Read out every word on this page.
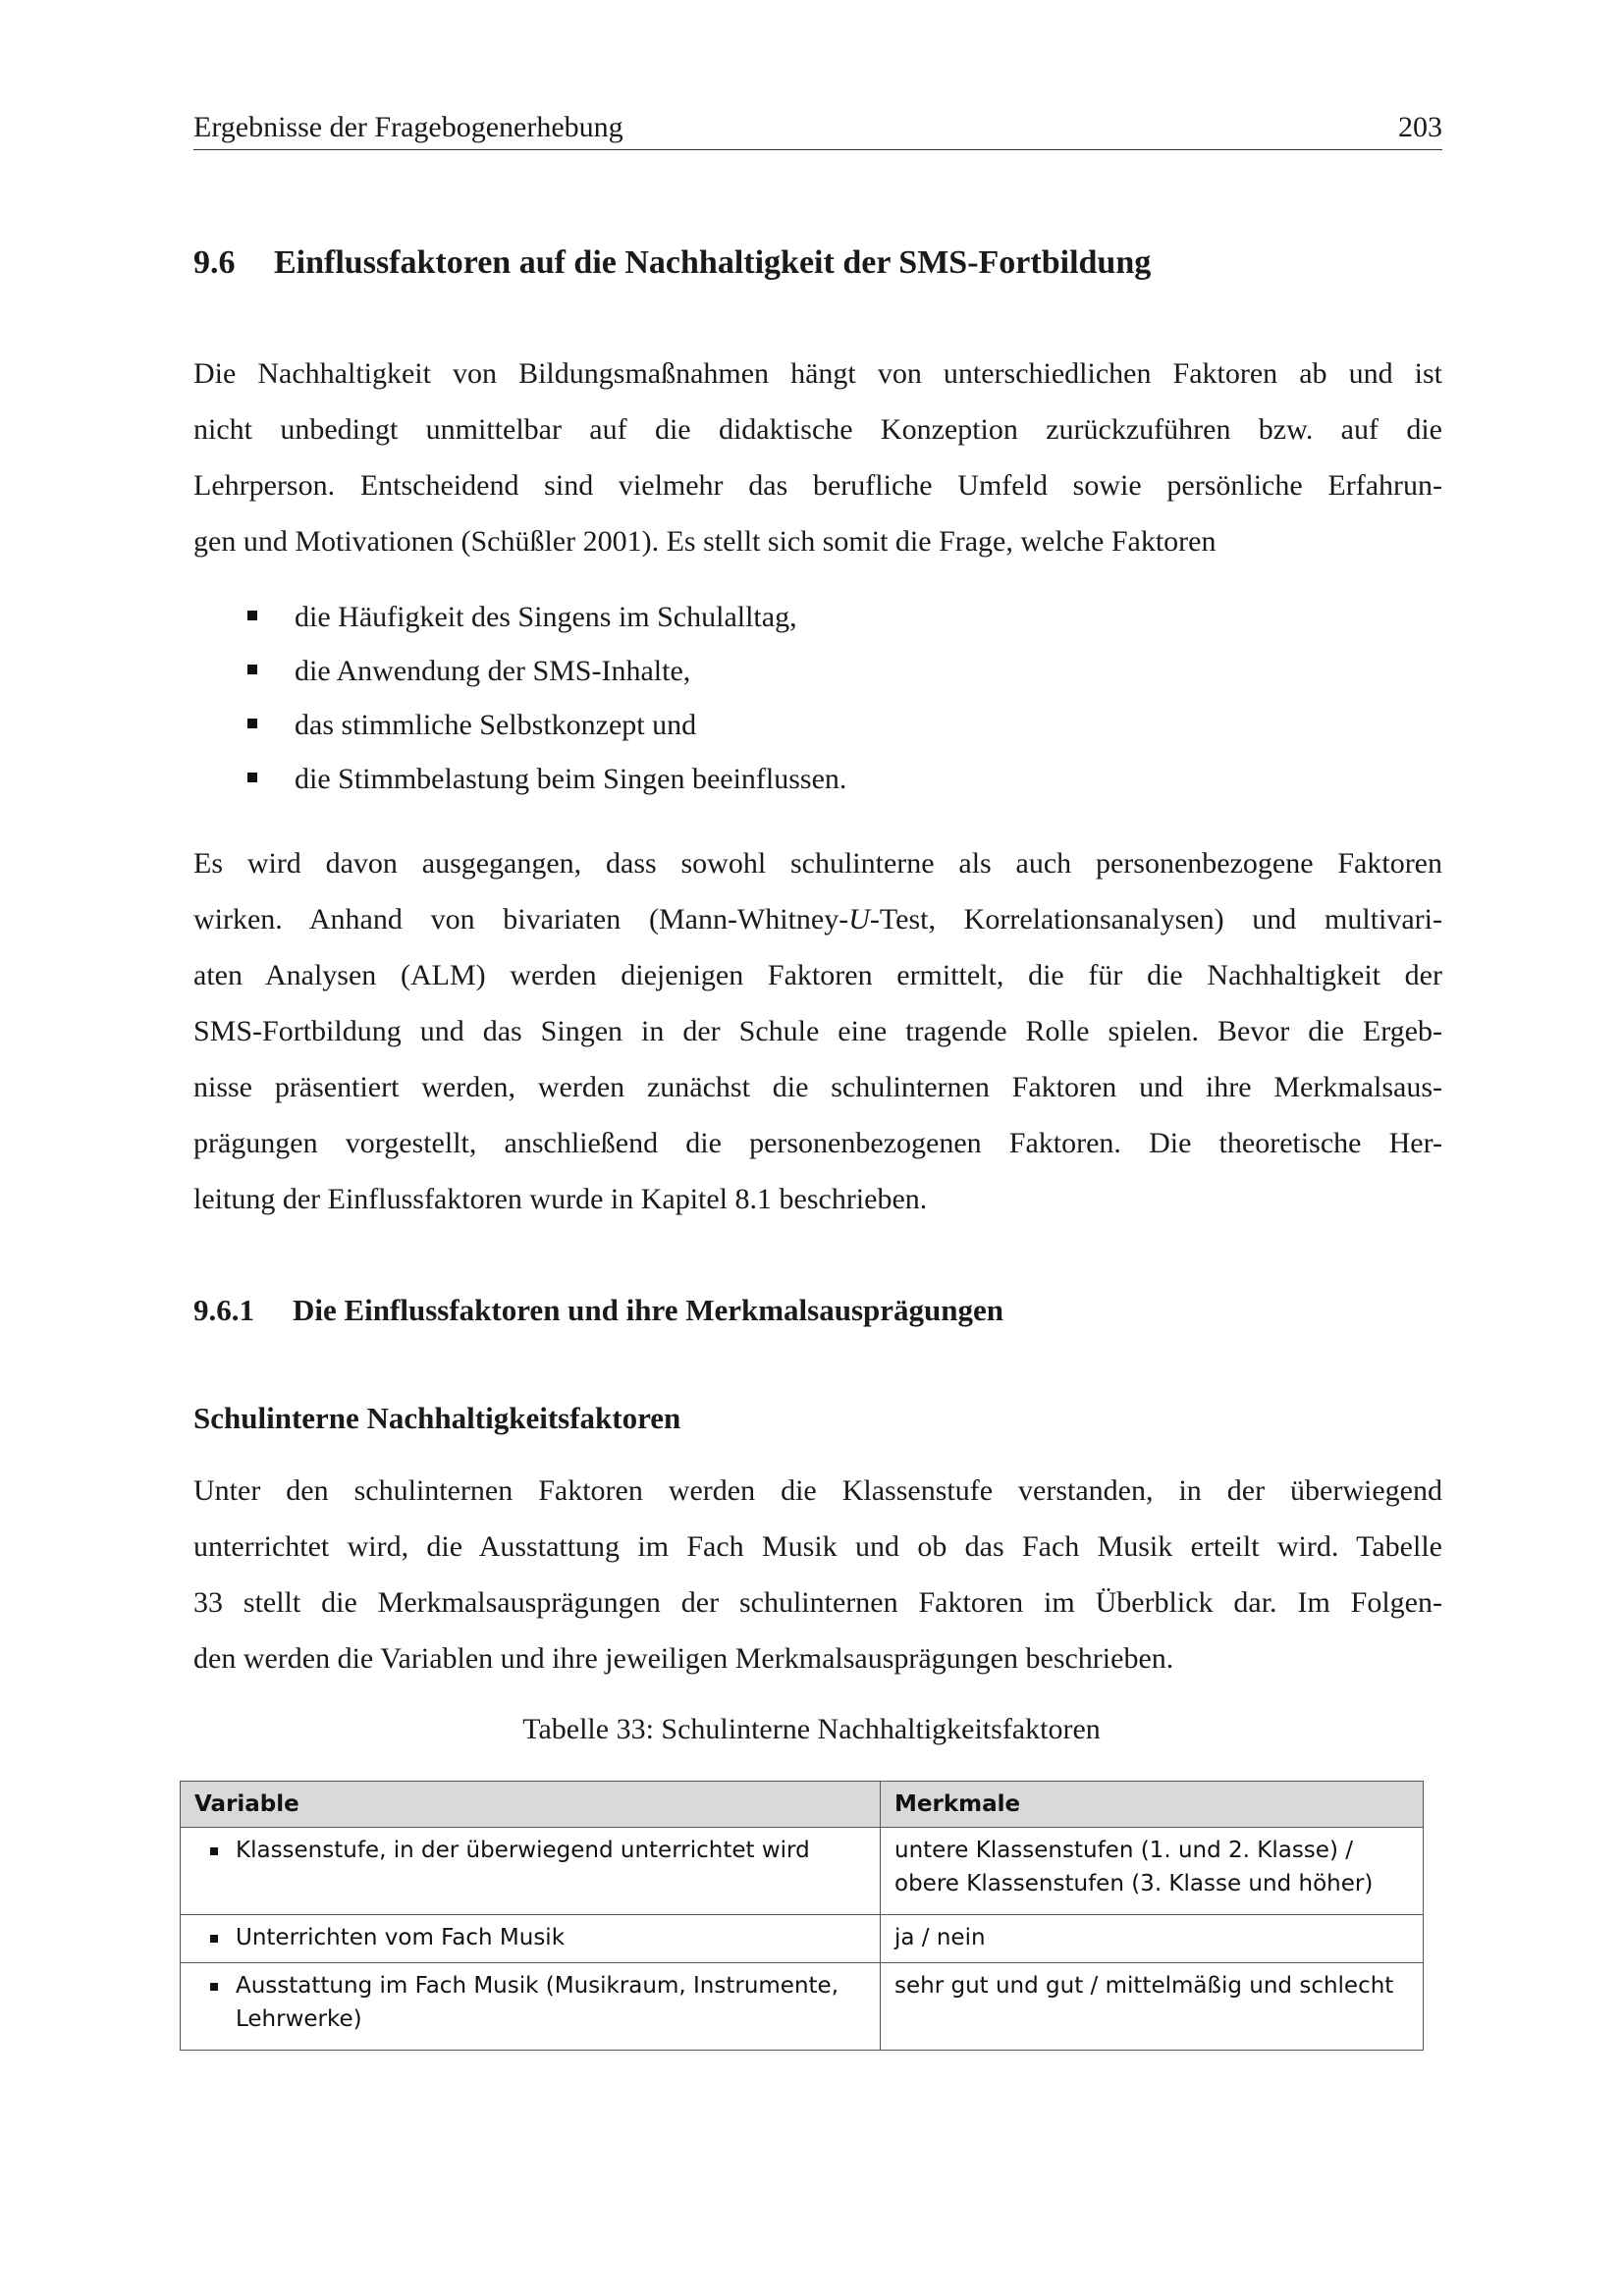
Ergebnisse der Fragebogenerhebung	203
9.6 Einflussfaktoren auf die Nachhaltigkeit der SMS-Fortbildung
Die Nachhaltigkeit von Bildungsmaßnahmen hängt von unterschiedlichen Faktoren ab und ist
nicht unbedingt unmittelbar auf die didaktische Konzeption zurückzuführen bzw. auf die
Lehrperson. Entscheidend sind vielmehr das berufliche Umfeld sowie persönliche Erfahrun-
gen und Motivationen (Schüßler 2001). Es stellt sich somit die Frage, welche Faktoren
die Häufigkeit des Singens im Schulalltag,
die Anwendung der SMS-Inhalte,
das stimmliche Selbstkonzept und
die Stimmbelastung beim Singen beeinflussen.
Es wird davon ausgegangen, dass sowohl schulinterne als auch personenbezogene Faktoren
wirken. Anhand von bivariaten (Mann-Whitney-U-Test, Korrelationsanalysen) und multivari-
aten Analysen (ALM) werden diejenigen Faktoren ermittelt, die für die Nachhaltigkeit der
SMS-Fortbildung und das Singen in der Schule eine tragende Rolle spielen. Bevor die Ergeb-
nisse präsentiert werden, werden zunächst die schulinternen Faktoren und ihre Merkmalsaus-
prägungen vorgestellt, anschließend die personenbezogenen Faktoren. Die theoretische Her-
leitung der Einflussfaktoren wurde in Kapitel 8.1 beschrieben.
9.6.1 Die Einflussfaktoren und ihre Merkmalsausprägungen
Schulinterne Nachhaltigkeitsfaktoren
Unter den schulinternen Faktoren werden die Klassenstufe verstanden, in der überwiegend
unterrichtet wird, die Ausstattung im Fach Musik und ob das Fach Musik erteilt wird. Tabelle
33 stellt die Merkmalsausprägungen der schulinternen Faktoren im Überblick dar. Im Folgen-
den werden die Variablen und ihre jeweiligen Merkmalsausprägungen beschrieben.
Tabelle 33: Schulinterne Nachhaltigkeitsfaktoren
Variable	Merkmale

Klassenstufe, in der überwiegend unterrichtet wird	untere Klassenstufen (1. und 2. Klasse) /
obere Klassenstufen (3. Klasse und höher)

Unterrichten vom Fach Musik	ja / nein

Ausstattung im Fach Musik (Musikraum, Instrumente,
Lehrwerke)	sehr gut und gut / mittelmäßig und schlecht
